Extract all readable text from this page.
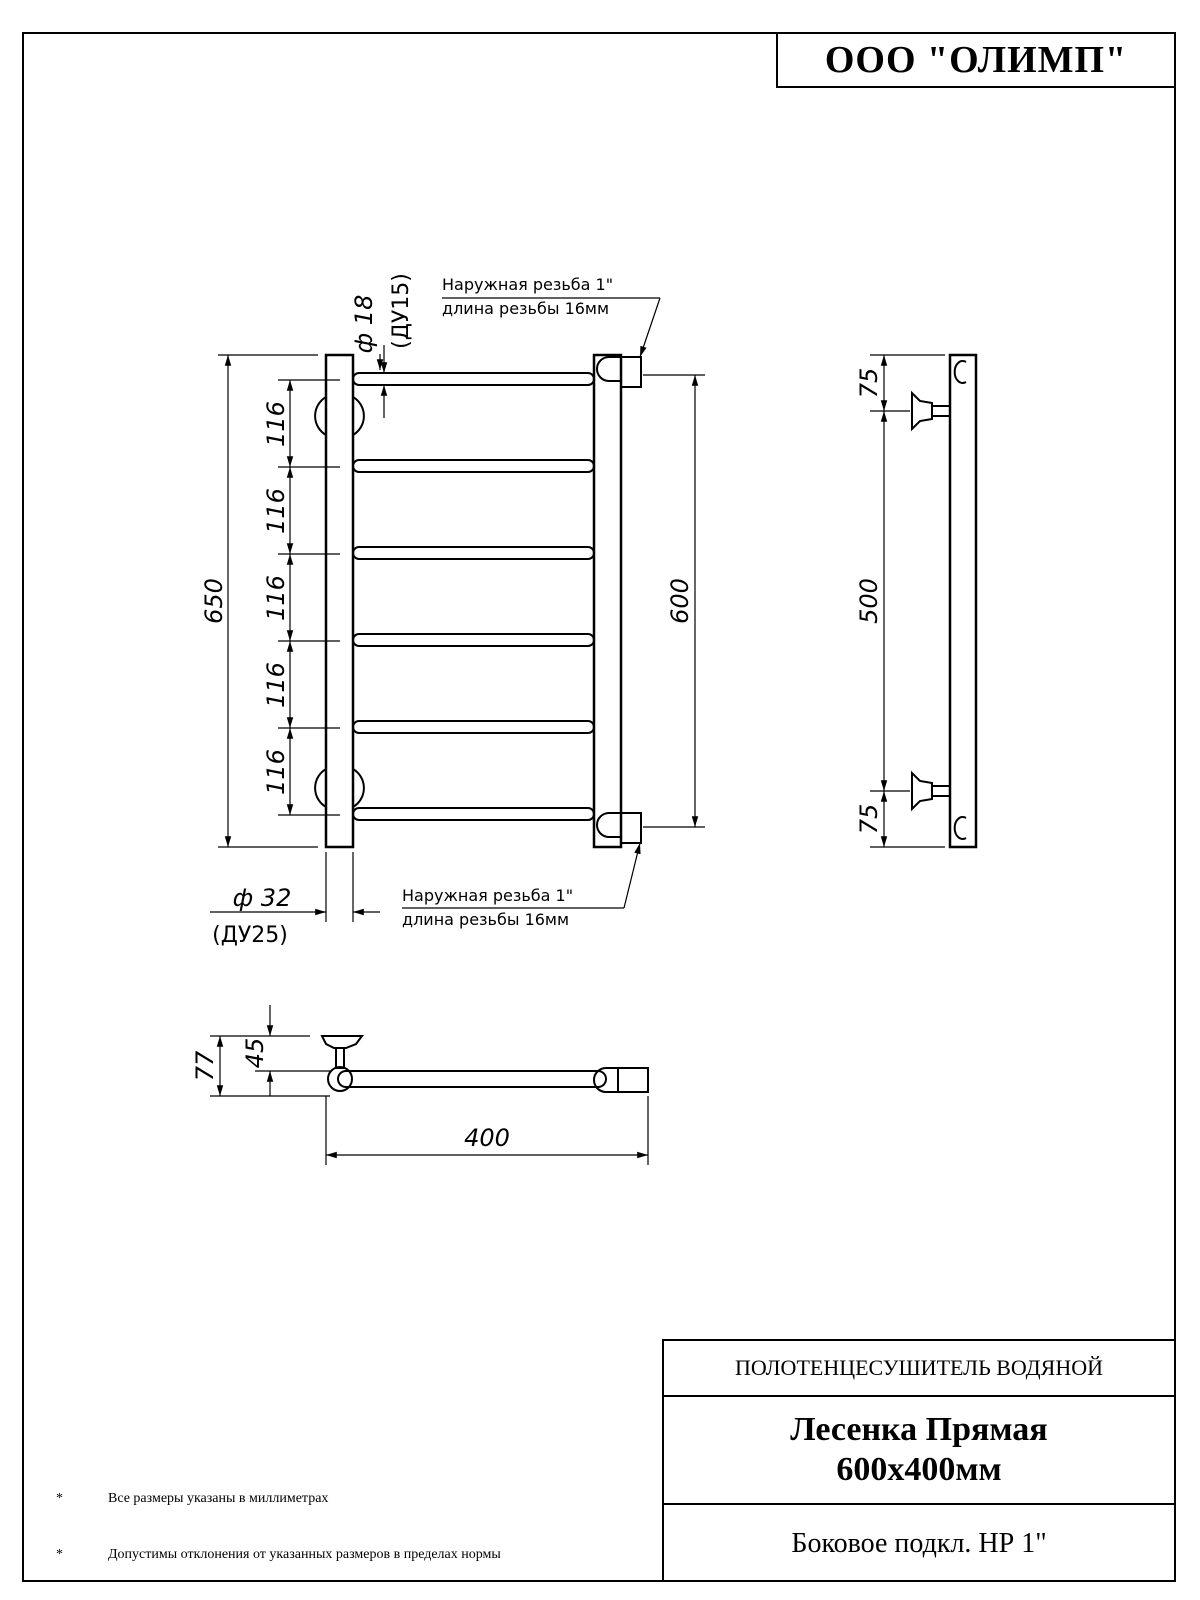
ООО "ОЛИМП"
650
116
116
116
116
116
600
ф 18 (ДУ15) Наружная резьба 1"
длина резьбы 16мм
Наружная резьба 1"
длина резьбы 16мм
ф 32
(ДУ25)
75
500
75
77 45
400
ПОЛОТЕНЦЕСУШИТЕЛЬ ВОДЯНОЙ
Лесенка Прямая
600х400мм
Боковое подкл. НР 1"
*	Все размеры указаны в миллиметрах
*	Допустимы отклонения от указанных размеров в пределах нормы
